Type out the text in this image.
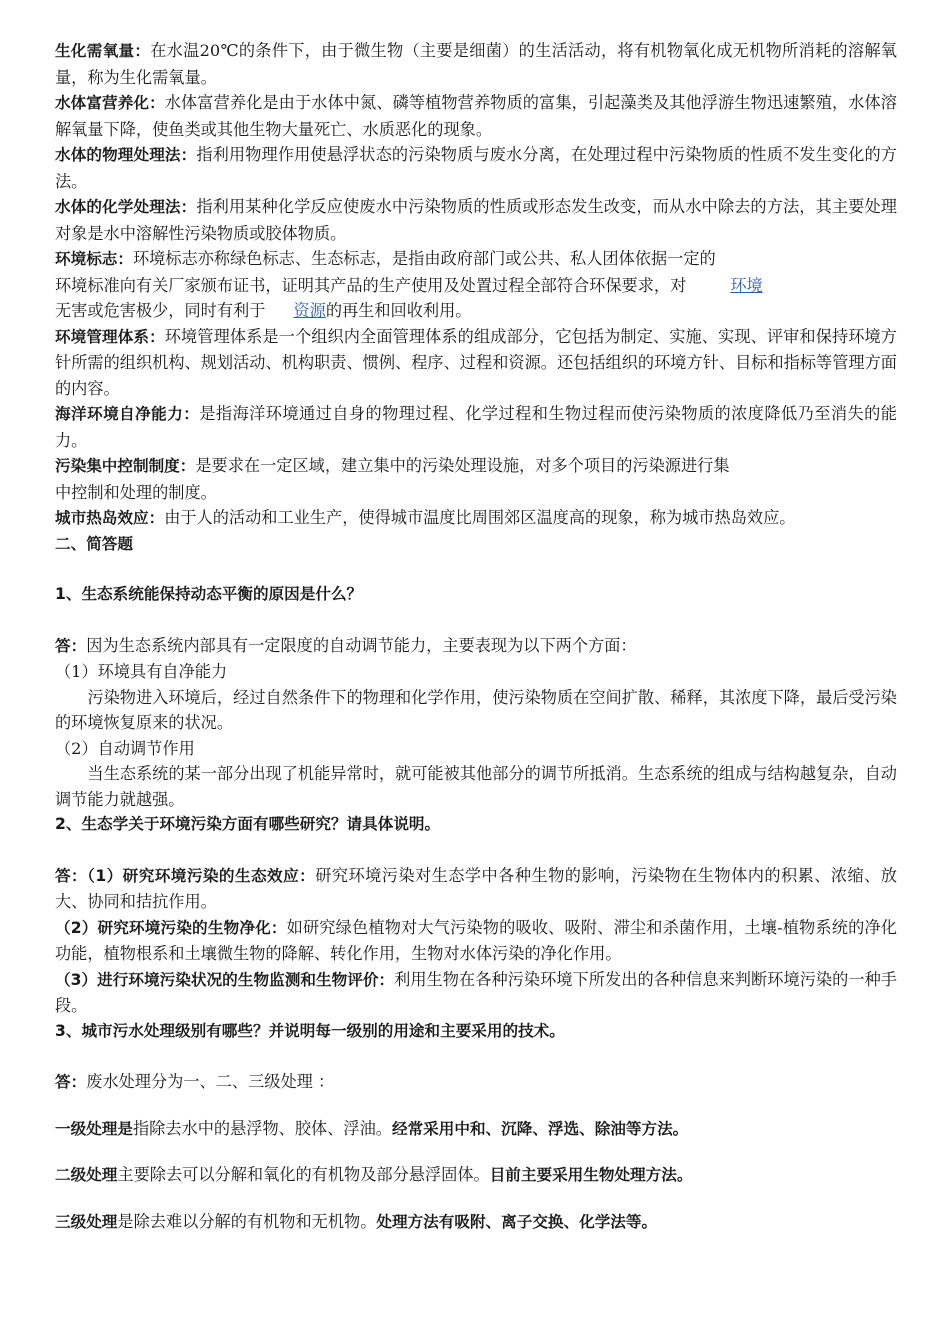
生化需氧量：在水温20℃的条件下，由于微生物（主要是细菌）的生活活动，将有机物氧化成无机物所消耗的溶解氧量，称为生化需氧量。

水体富营养化：水体富营养化是由于水体中氮、磷等植物营养物质的富集，引起藻类及其他浮游生物迅速繁殖，水体溶解氧量下降，使鱼类或其他生物大量死亡、水质恶化的现象。

水体的物理处理法：指利用物理作用使悬浮状态的污染物质与废水分离，在处理过程中污染物质的性质不发生变化的方法。

水体的化学处理法：指利用某种化学反应使废水中污染物质的性质或形态发生改变，而从水中除去的方法，其主要处理对象是水中溶解性污染物质或胶体物质。

环境标志：环境标志亦称绿色标志、生态标志，是指由政府部门或公共、私人团体依据一定的
环境标准向有关厂家颁布证书，证明其产品的生产使用及处置过程全部符合环保要求，对	环境
无害或危害极少，同时有利于 资源的再生和回收利用。

环境管理体系：环境管理体系是一个组织内全面管理体系的组成部分，它包括为制定、实施、实现、评审和保持环境方针所需的组织机构、规划活动、机构职责、惯例、程序、过程和资源。还包括组织的环境方针、目标和指标等管理方面的内容。

海洋环境自净能力：是指海洋环境通过自身的物理过程、化学过程和生物过程而使污染物质的浓度降低乃至消失的能力。

污染集中控制制度：是要求在一定区域，建立集中的污染处理设施，对多个项目的污染源进行集
中控制和处理的制度。

城市热岛效应：由于人的活动和工业生产，使得城市温度比周围郊区温度高的现象，称为城市热岛效应。

二、简答题

1、生态系统能保持动态平衡的原因是什么？

答：因为生态系统内部具有一定限度的自动调节能力，主要表现为以下两个方面：

（1）环境具有自净能力

污染物进入环境后，经过自然条件下的物理和化学作用，使污染物质在空间扩散、稀释，其浓度下降，最后受污染的环境恢复原来的状况。

（2）自动调节作用

当生态系统的某一部分出现了机能异常时，就可能被其他部分的调节所抵消。生态系统的组成与结构越复杂，自动调节能力就越强。

2、生态学关于环境污染方面有哪些研究？请具体说明。

答：（1）研究环境污染的生态效应：研究环境污染对生态学中各种生物的影响，污染物在生物体内的积累、浓缩、放大、协同和拮抗作用。

（2）研究环境污染的生物净化：如研究绿色植物对大气污染物的吸收、吸附、滞尘和杀菌作用，土壤-植物系统的净化功能，植物根系和土壤微生物的降解、转化作用，生物对水体污染的净化作用。

（3）进行环境污染状况的生物监测和生物评价：利用生物在各种污染环境下所发出的各种信息来判断环境污染的一种手段。

3、城市污水处理级别有哪些？并说明每一级别的用途和主要采用的技术。

答：废水处理分为一、二、三级处理 ：

一级处理是指除去水中的悬浮物、胶体、浮油。经常采用中和、沉降、浮选、除油等方法。

二级处理主要除去可以分解和氧化的有机物及部分悬浮固体。目前主要采用生物处理方法。

三级处理是除去难以分解的有机物和无机物。处理方法有吸附、离子交换、化学法等。
